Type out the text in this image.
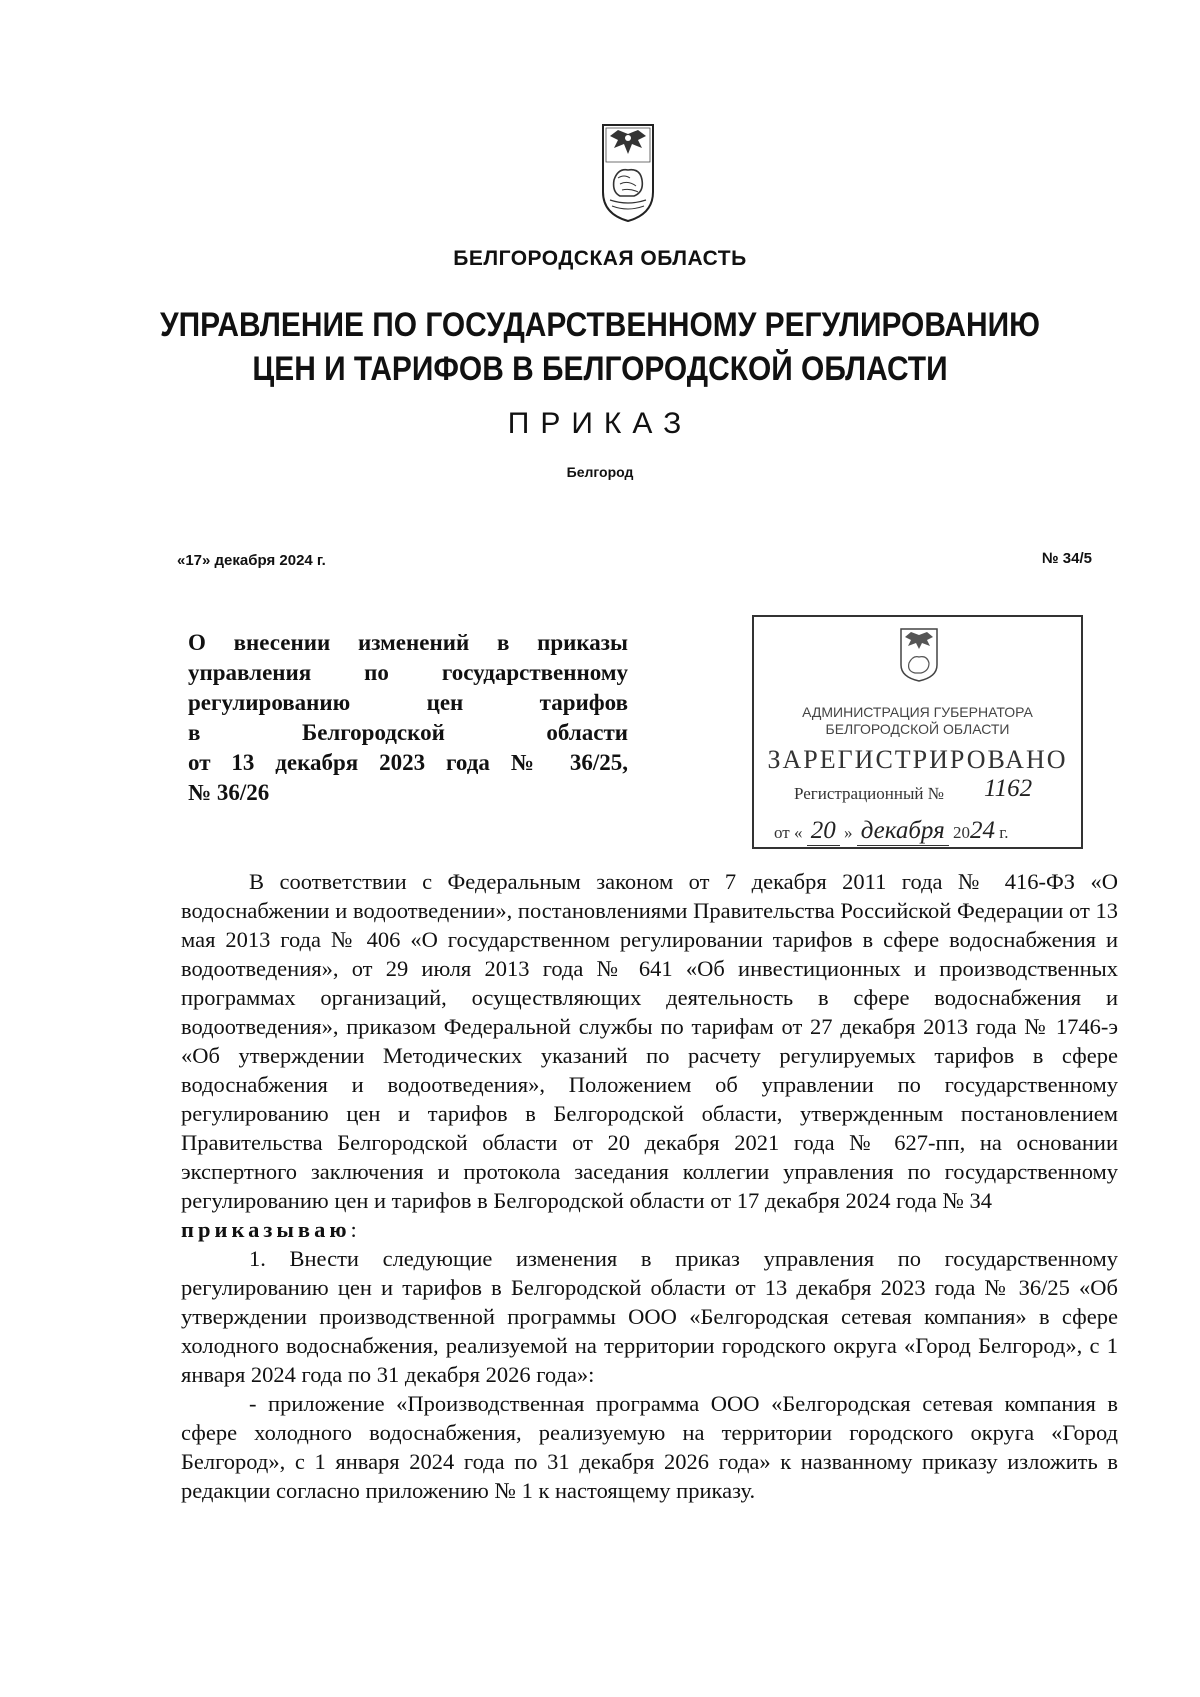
БЕЛГОРОДСКАЯ ОБЛАСТЬ
УПРАВЛЕНИЕ ПО ГОСУДАРСТВЕННОМУ РЕГУЛИРОВАНИЮ
ЦЕН И ТАРИФОВ В БЕЛГОРОДСКОЙ ОБЛАСТИ
ПРИКАЗ
Белгород
«17» декабря 2024 г.	№ 34/5
О внесении изменений в приказы
управления по государственному
регулированию цен тарифов
в Белгородской области
от 13 декабря 2023 года № 36/25,
№ 36/26
АДМИНИСТРАЦИЯ ГУБЕРНАТОРА
БЕЛГОРОДСКОЙ ОБЛАСТИ
ЗАРЕГИСТРИРОВАНО
Регистрационный № 1162
от « 20 » декабря 2024 г.

В соответствии с Федеральным законом от 7 декабря 2011 года № 416-ФЗ «О водоснабжении и водоотведении», постановлениями Правительства Российской Федерации от 13 мая 2013 года № 406 «О государственном регулировании тарифов в сфере водоснабжения и водоотведения», от 29 июля 2013 года № 641 «Об инвестиционных и производственных программах организаций, осуществляющих деятельность в сфере водоснабжения и водоотведения», приказом Федеральной службы по тарифам от 27 декабря 2013 года № 1746-э «Об утверждении Методических указаний по расчету регулируемых тарифов в сфере водоснабжения и водоотведения», Положением об управлении по государственному регулированию цен и тарифов в Белгородской области, утвержденным постановлением Правительства Белгородской области от 20 декабря 2021 года № 627-пп, на основании экспертного заключения и протокола заседания коллегии управления по государственному регулированию цен и тарифов в Белгородской области от 17 декабря 2024 года № 34
приказываю:

1. Внести следующие изменения в приказ управления по государственному регулированию цен и тарифов в Белгородской области от 13 декабря 2023 года № 36/25 «Об утверждении производственной программы ООО «Белгородская сетевая компания» в сфере холодного водоснабжения, реализуемой на территории городского округа «Город Белгород», с 1 января 2024 года по 31 декабря 2026 года»:

- приложение «Производственная программа ООО «Белгородская сетевая компания в сфере холодного водоснабжения, реализуемую на территории городского округа «Город Белгород», с 1 января 2024 года по 31 декабря 2026 года» к названному приказу изложить в редакции согласно приложению № 1 к настоящему приказу.
